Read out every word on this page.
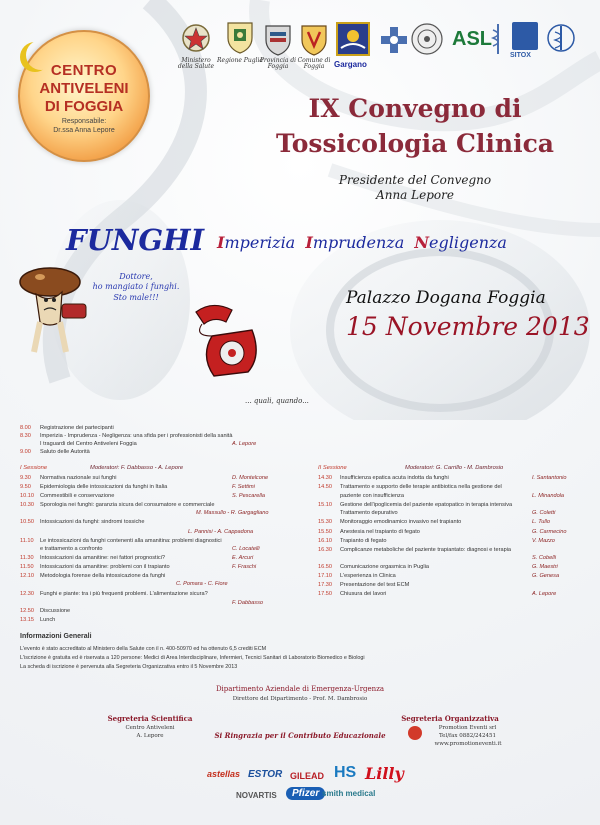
CENTRO
ANTIVELENI
DI FOGGIA
Responsabile:
Dr.ssa Anna Lepore
Ministero della Salute
Regione Puglia
Provincia di Foggia
Comune di Foggia	Gargano
ASL
SITOX
IX Convegno di
Tossicologia Clinica
Presidente del Convegno
Anna Lepore
FUNGHI Imperizia Imprudenza Negligenza
Dottore,
ho mangiato i funghi.
Sto male!!!	Palazzo Dogana Foggia
15 Novembre 2013
... quali, quando...
8.00 Registrazione dei partecipanti
8.30 Imperizia - Imprudenza - Negligenza: una sfida per i professionisti della sanità
I traguardi del Centro Antiveleni Foggia	A. Lepore
9.00 Saluto delle Autorità
I Sessione	Moderatori: F. Dabbasso - A. Lepore
9.30 Normativa nazionale sui funghi	D. Montelcone
9.50 Epidemiologia delle intossicazioni da funghi in Italia	F. Settimi
10.10 Commestibili e conservazione	S. Pescarella
10.30 Sporologia nei funghi: garanzia sicura del consumatore e commerciale
M. Massullo - R. Gargagliano
10.50 Intossicazioni da funghi: sindromi tossiche
L. Pannisi - A. Cappadona
11.10 Le intossicazioni da funghi contenenti alla amanitina: problemi diagnostici
e trattamento a confronto	C. Locatelli
11.30 Intossicazioni da amanitine: nei fattori prognostici?	E. Arcuri
11.50 Intossicazioni da amanitine: problemi con il trapianto	F. Fraschi
12.10 Metodologia forense della intossicazione da funghi
C. Pomara - C. Fiore
12.30 Funghi e piante: tra i più frequenti problemi. L'alimentazione sicura?
F. Dabbasso
12.50 Discussione
13.15 Lunch
II Sessione	Moderatori: G. Carrillo - M. Dambrosio
14.30 Insufficienza epatica acuta indotta da funghi	I. Santantonio
14.50 Trattamento e supporto delle terapie antibiotica nella gestione del
paziente con insufficienza	L. Minandola
15.10 Gestione dell'ipoglicemia del paziente epatopatico in terapia intensiva
Trattamento depurativo	G. Coletti
15.30 Monitoraggio emodinamico invasivo nel trapianto	L. Tullo
15.50 Anestesia nel trapianto di fegato	G. Carmecino
16.10 Trapianto di fegato	V. Mazzo
16.30 Complicanze metaboliche del paziente trapiantato: diagnosi e terapia
S. Cobelli
16.50 Comunicazione orgasmica in Puglia	G. Maestri
17.10 L'esperienza in Clinica	G. Genesa
17.30 Presentazione del test ECM
17.50 Chiusura dei lavori	A. Lepore
Informazioni Generali
L'evento è stato accreditato al Ministero della Salute con il n. 400-50970 ed ha ottenuto 6,5 crediti ECM
L'iscrizione è gratuita ed è riservata a 120 persone: Medici di Area Interdisciplinare, Infermieri, Tecnici Sanitari di Laboratorio Biomedico e Biologi
La scheda di iscrizione è pervenuta alla Segreteria Organizzativa entro il 5 Novembre 2013
Dipartimento Aziendale di Emergenza-Urgenza
Direttore del Dipartimento - Prof. M. Dambrosio
Segreteria Scientifica
Centro Antiveleni
A. Lepore
Segreteria Organizzativa
Promotion Eventi srl
Tel/fax 0882/242451
www.promotioneventi.it
Si Ringrazia per il Contributo Educazionale
astellas ESTOR GILEAD HS Lilly
NOVARTIS	Pfizer smith medical
